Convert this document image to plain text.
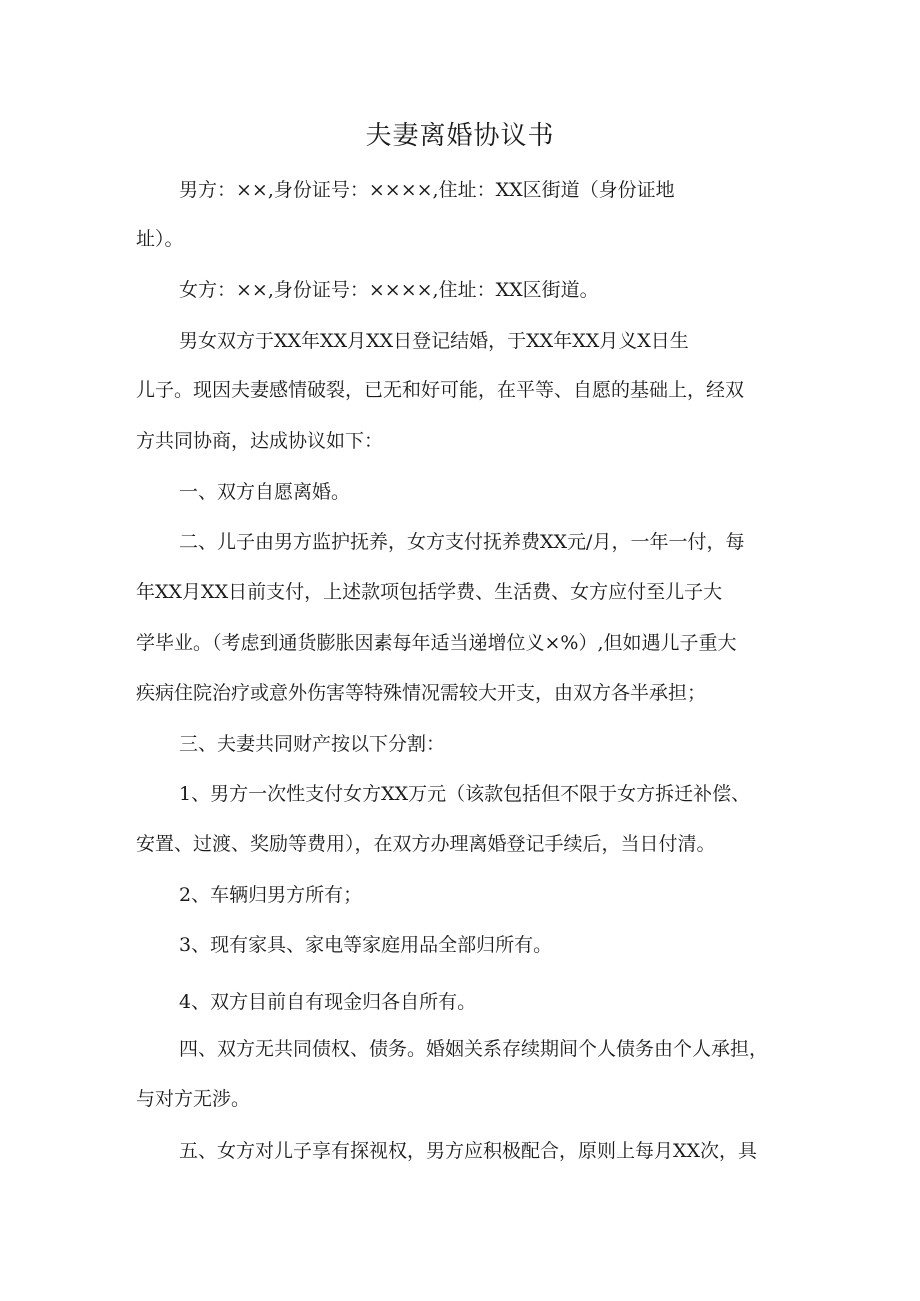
夫妻离婚协议书
男方：××,身份证号：××××,住址：XX区街道（身份证地
址）。
女方：××,身份证号：××××,住址：XX区街道。
男女双方于XX年XX月XX日登记结婚，于XX年XX月义X日生
儿子。现因夫妻感情破裂，已无和好可能，在平等、自愿的基础上，经双
方共同协商，达成协议如下：
一、双方自愿离婚。
二、儿子由男方监护抚养，女方支付抚养费XX元/月，一年一付，每
年XX月XX日前支付，上述款项包括学费、生活费、女方应付至儿子大
学毕业。（考虑到通货膨胀因素每年适当递增位义×%）,但如遇儿子重大
疾病住院治疗或意外伤害等特殊情况需较大开支，由双方各半承担；
三、夫妻共同财产按以下分割：
1、男方一次性支付女方XX万元（该款包括但不限于女方拆迁补偿、
安置、过渡、奖励等费用），在双方办理离婚登记手续后，当日付清。
2、车辆归男方所有；
3、现有家具、家电等家庭用品全部归所有。
4、双方目前自有现金归各自所有。
四、双方无共同债权、债务。婚姻关系存续期间个人债务由个人承担，
与对方无涉。
五、女方对儿子享有探视权，男方应积极配合，原则上每月XX次，具
